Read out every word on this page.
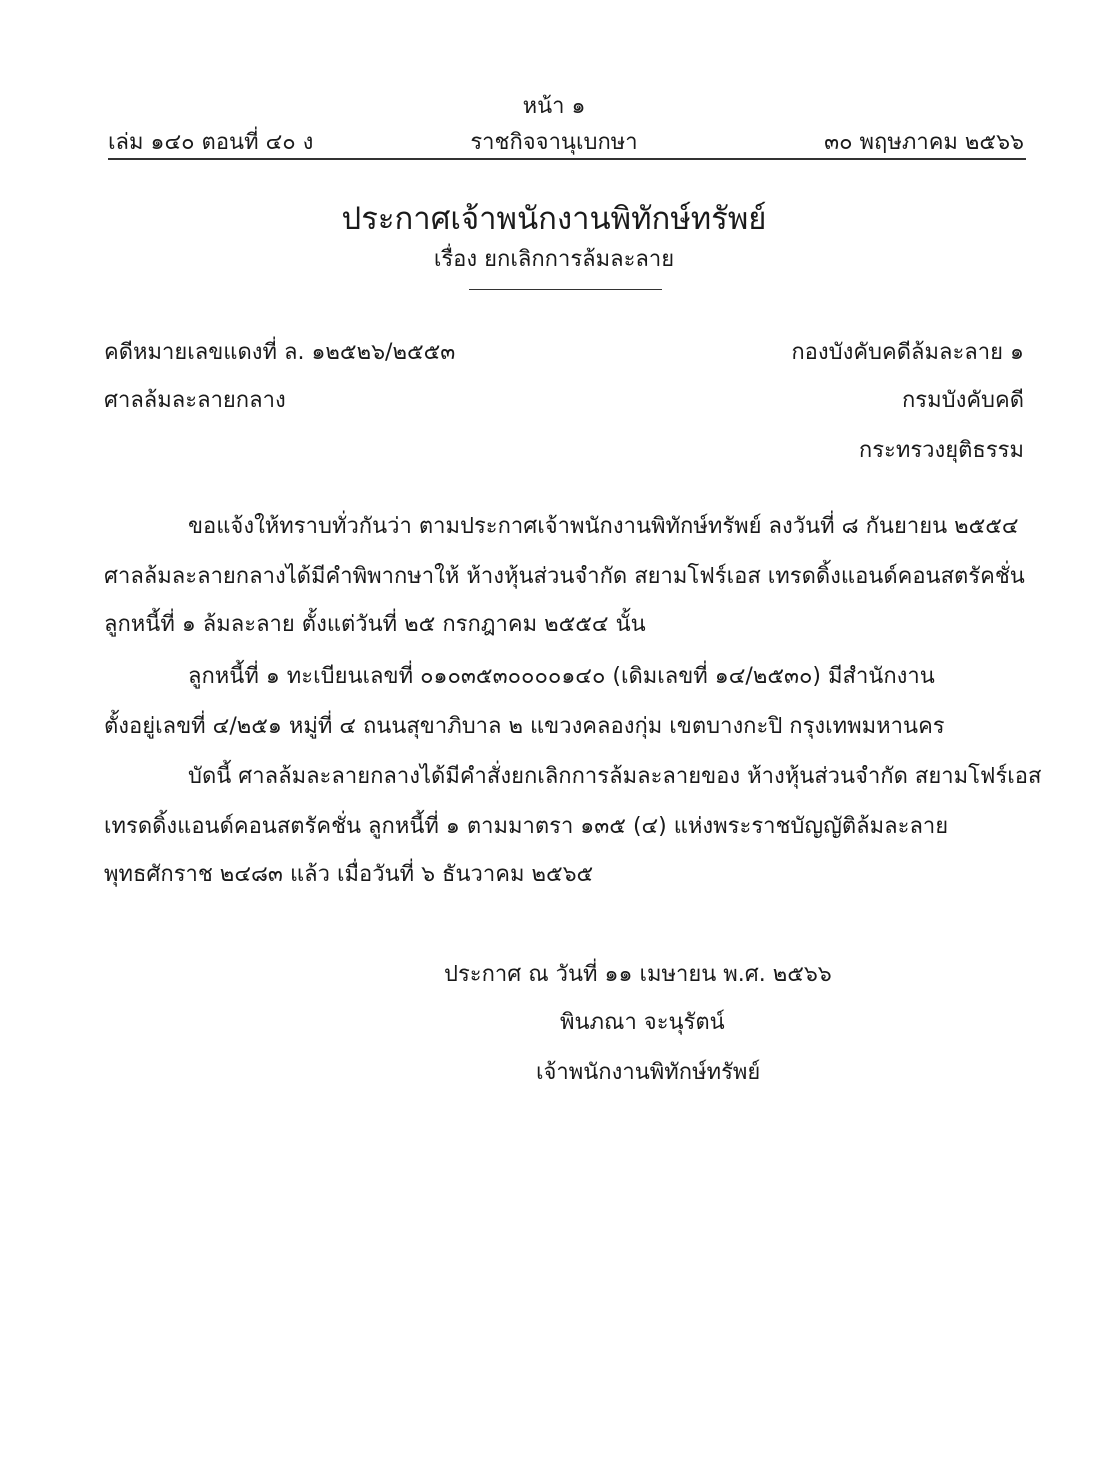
หน้า ๑
เล่ม ๑๔๐ ตอนที่ ๔๐ ง	ราชกิจจานุเบกษา	๓๐ พฤษภาคม ๒๕๖๖
ประกาศเจ้าพนักงานพิทักษ์ทรัพย์
เรื่อง ยกเลิกการล้มละลาย
คดีหมายเลขแดงที่ ล. ๑๒๕๒๖/๒๕๕๓
ศาลล้มละลายกลาง
กองบังคับคดีล้มละลาย ๑
กรมบังคับคดี
กระทรวงยุติธรรม
ขอแจ้งให้ทราบทั่วกันว่า ตามประกาศเจ้าพนักงานพิทักษ์ทรัพย์ ลงวันที่ ๘ กันยายน ๒๕๕๔
ศาลล้มละลายกลางได้มีคำพิพากษาให้ ห้างหุ้นส่วนจำกัด สยามโฟร์เอส เทรดดิ้งแอนด์คอนสตรัคชั่น
ลูกหนี้ที่ ๑ ล้มละลาย ตั้งแต่วันที่ ๒๕ กรกฎาคม ๒๕๕๔ นั้น
ลูกหนี้ที่ ๑ ทะเบียนเลขที่ ๐๑๐๓๕๓๐๐๐๐๑๔๐ (เดิมเลขที่ ๑๔/๒๕๓๐) มีสำนักงาน
ตั้งอยู่เลขที่ ๔/๒๕๑ หมู่ที่ ๔ ถนนสุขาภิบาล ๒ แขวงคลองกุ่ม เขตบางกะปิ กรุงเทพมหานคร
บัดนี้ ศาลล้มละลายกลางได้มีคำสั่งยกเลิกการล้มละลายของ ห้างหุ้นส่วนจำกัด สยามโฟร์เอส
เทรดดิ้งแอนด์คอนสตรัคชั่น ลูกหนี้ที่ ๑ ตามมาตรา ๑๓๕ (๔) แห่งพระราชบัญญัติล้มละลาย
พุทธศักราช ๒๔๘๓ แล้ว เมื่อวันที่ ๖ ธันวาคม ๒๕๖๕
ประกาศ ณ วันที่ ๑๑ เมษายน พ.ศ. ๒๕๖๖
พินภณา จะนุรัตน์
เจ้าพนักงานพิทักษ์ทรัพย์
